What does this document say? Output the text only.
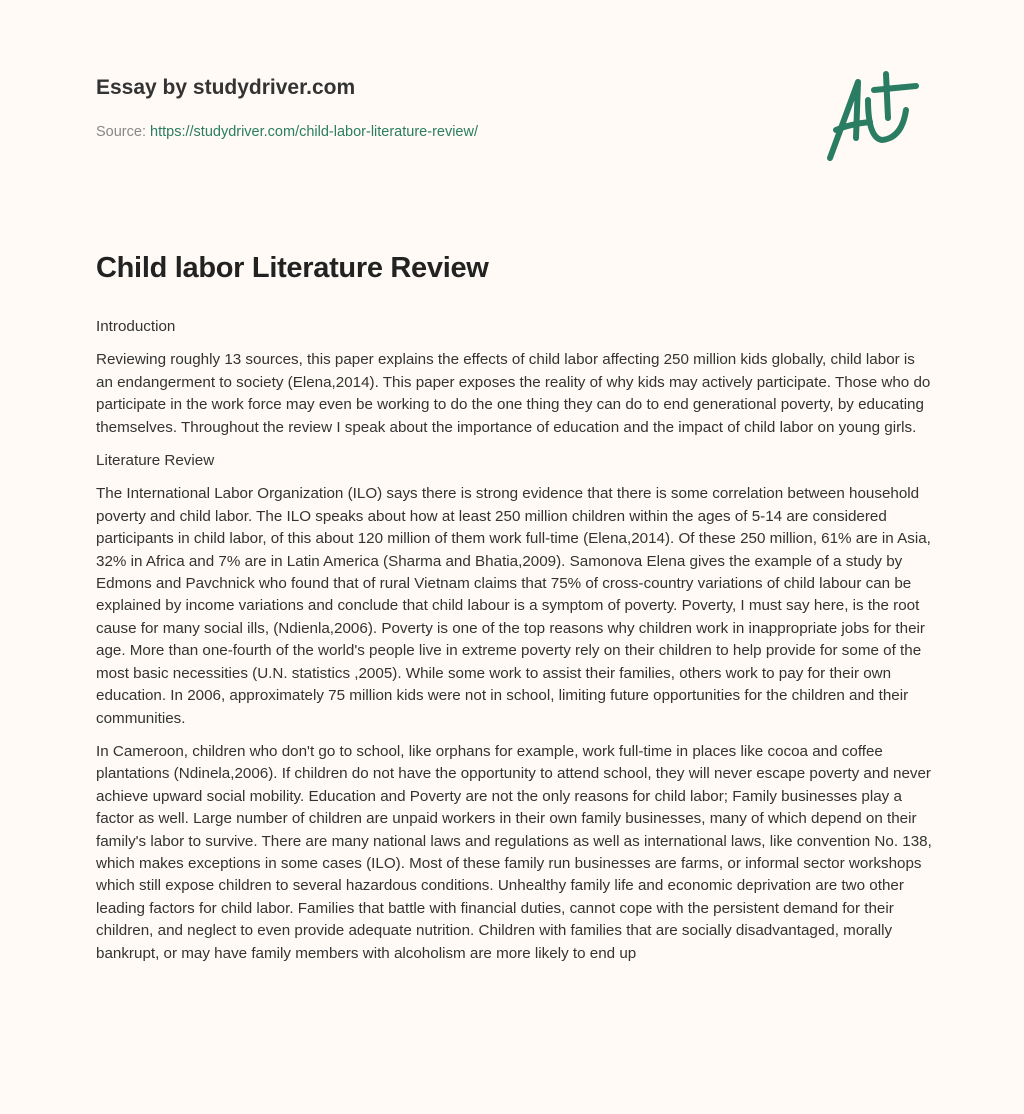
Essay by studydriver.com
Source: https://studydriver.com/child-labor-literature-review/
Child labor Literature Review

Introduction

Reviewing roughly 13 sources, this paper explains the effects of child labor affecting 250 million kids globally, child labor is an endangerment to society (Elena,2014). This paper exposes the reality of why kids may actively participate. Those who do participate in the work force may even be working to do the one thing they can do to end generational poverty, by educating themselves. Throughout the review I speak about the importance of education and the impact of child labor on young girls.

Literature Review

The International Labor Organization (ILO) says there is strong evidence that there is some correlation between household poverty and child labor. The ILO speaks about how at least 250 million children within the ages of 5-14 are considered participants in child labor, of this about 120 million of them work full-time (Elena,2014). Of these 250 million, 61% are in Asia, 32% in Africa and 7% are in Latin America (Sharma and Bhatia,2009). Samonova Elena gives the example of a study by Edmons and Pavchnick who found that of rural Vietnam claims that 75% of cross-country variations of child labour can be explained by income variations and conclude that child labour is a symptom of poverty. Poverty, I must say here, is the root cause for many social ills, (Ndienla,2006). Poverty is one of the top reasons why children work in inappropriate jobs for their age. More than one-fourth of the world's people live in extreme poverty rely on their children to help provide for some of the most basic necessities (U.N. statistics ,2005). While some work to assist their families, others work to pay for their own education. In 2006, approximately 75 million kids were not in school, limiting future opportunities for the children and their communities.

In Cameroon, children who don't go to school, like orphans for example, work full-time in places like cocoa and coffee plantations (Ndinela,2006). If children do not have the opportunity to attend school, they will never escape poverty and never achieve upward social mobility. Education and Poverty are not the only reasons for child labor; Family businesses play a factor as well. Large number of children are unpaid workers in their own family businesses, many of which depend on their family's labor to survive. There are many national laws and regulations as well as international laws, like convention No. 138, which makes exceptions in some cases (ILO). Most of these family run businesses are farms, or informal sector workshops which still expose children to several hazardous conditions. Unhealthy family life and economic deprivation are two other leading factors for child labor. Families that battle with financial duties, cannot cope with the persistent demand for their children, and neglect to even provide adequate nutrition. Children with families that are socially disadvantaged, morally bankrupt, or may have family members with alcoholism are more likely to end up
